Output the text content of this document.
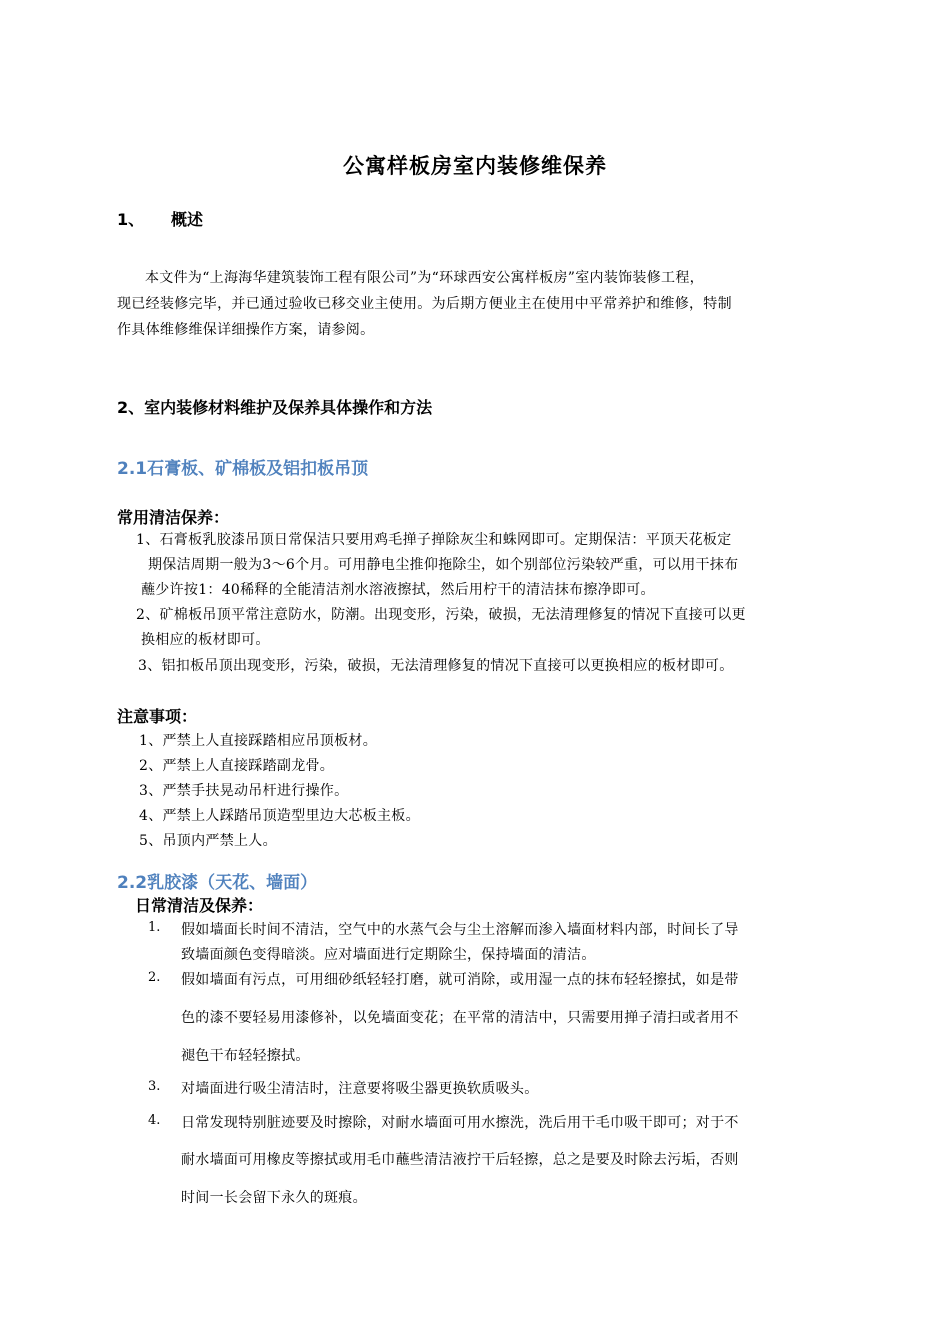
公寓样板房室内装修维保养
1、 概述
本文件为“上海海华建筑装饰工程有限公司”为“环球西安公寓样板房”室内装饰装修工程，
现已经装修完毕，并已通过验收已移交业主使用。为后期方便业主在使用中平常养护和维修，特制
作具体维修维保详细操作方案，请参阅。
2、室内装修材料维护及保养具体操作和方法
2.1石膏板、矿棉板及铝扣板吊顶
常用清洁保养：
1、石膏板乳胶漆吊顶日常保洁只要用鸡毛掸子掸除灰尘和蛛网即可。定期保洁：平顶天花板定
期保洁周期一般为3～6个月。可用静电尘推仰拖除尘，如个别部位污染较严重，可以用干抹布
蘸少许按1：40稀释的全能清洁剂水溶液擦拭，然后用柠干的清洁抹布擦净即可。
2、矿棉板吊顶平常注意防水，防潮。出现变形，污染，破损，无法清理修复的情况下直接可以更
换相应的板材即可。
3、铝扣板吊顶出现变形，污染，破损，无法清理修复的情况下直接可以更换相应的板材即可。
注意事项：
1、严禁上人直接踩踏相应吊顶板材。
2、严禁上人直接踩踏副龙骨。
3、严禁手扶晃动吊杆进行操作。
4、严禁上人踩踏吊顶造型里边大芯板主板。
5、吊顶内严禁上人。
2.2乳胶漆（天花、墙面）
日常清洁及保养：
1. 假如墙面长时间不清洁，空气中的水蒸气会与尘土溶解而渗入墙面材料内部，时间长了导
致墙面颜色变得暗淡。应对墙面进行定期除尘，保持墙面的清洁。
2. 假如墙面有污点，可用细砂纸轻轻打磨，就可消除，或用湿一点的抹布轻轻擦拭，如是带
色的漆不要轻易用漆修补，以免墙面变花；在平常的清洁中，只需要用掸子清扫或者用不
褪色干布轻轻擦拭。
3. 对墙面进行吸尘清洁时，注意要将吸尘器更换软质吸头。
4. 日常发现特别脏迹要及时擦除，对耐水墙面可用水擦洗，洗后用干毛巾吸干即可；对于不
耐水墙面可用橡皮等擦拭或用毛巾蘸些清洁液拧干后轻擦，总之是要及时除去污垢，否则
时间一长会留下永久的斑痕。
